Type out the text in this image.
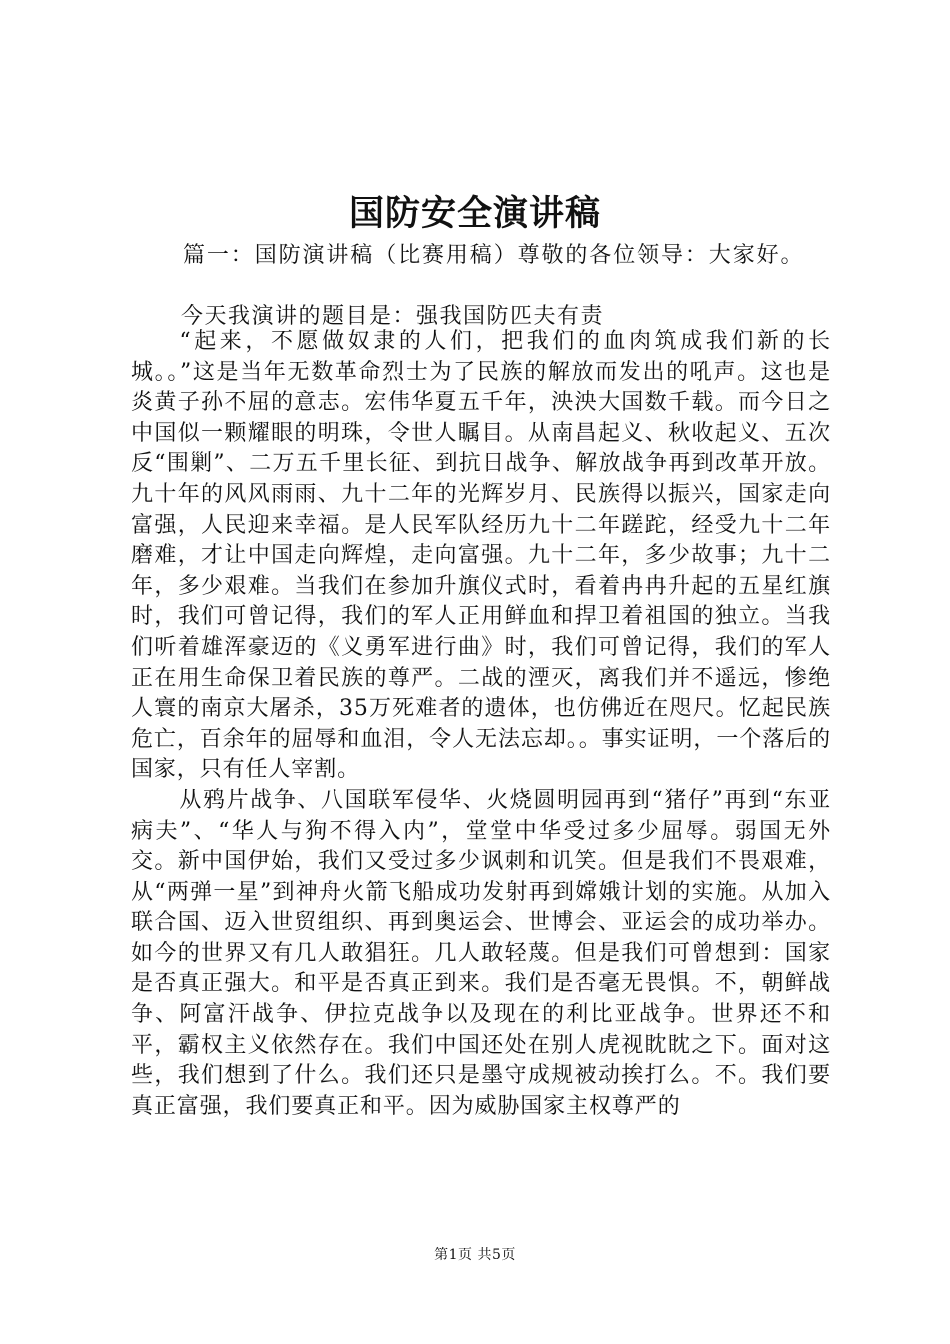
国防安全演讲稿
篇一：国防演讲稿（比赛用稿）尊敬的各位领导：大家好。
今天我演讲的题目是：强我国防匹夫有责

“起来，不愿做奴隶的人们，把我们的血肉筑成我们新的长城。。”这是当年无数革命烈士为了民族的解放而发出的吼声。这也是炎黄子孙不屈的意志。宏伟华夏五千年，泱泱大国数千载。而今日之中国似一颗耀眼的明珠，令世人瞩目。从南昌起义、秋收起义、五次反“围剿”、二万五千里长征、到抗日战争、解放战争再到改革开放。九十年的风风雨雨、九十二年的光辉岁月、民族得以振兴，国家走向富强，人民迎来幸福。是人民军队经历九十二年蹉跎，经受九十二年磨难，才让中国走向辉煌，走向富强。九十二年，多少故事；九十二年，多少艰难。当我们在参加升旗仪式时，看着冉冉升起的五星红旗时，我们可曾记得，我们的军人正用鲜血和捍卫着祖国的独立。当我们听着雄浑豪迈的《义勇军进行曲》时，我们可曾记得，我们的军人正在用生命保卫着民族的尊严。二战的湮灭，离我们并不遥远，惨绝人寰的南京大屠杀，35万死难者的遗体，也仿佛近在咫尺。忆起民族危亡，百余年的屈辱和血泪，令人无法忘却。。事实证明，一个落后的国家，只有任人宰割。

从鸦片战争、八国联军侵华、火烧圆明园再到“猪仔”再到“东亚病夫”、“华人与狗不得入内”，堂堂中华受过多少屈辱。弱国无外交。新中国伊始，我们又受过多少讽刺和讥笑。但是我们不畏艰难，从“两弹一星”到神舟火箭飞船成功发射再到嫦娥计划的实施。从加入联合国、迈入世贸组织、再到奥运会、世博会、亚运会的成功举办。如今的世界又有几人敢猖狂。几人敢轻蔑。但是我们可曾想到：国家是否真正强大。和平是否真正到来。我们是否毫无畏惧。不，朝鲜战争、阿富汗战争、伊拉克战争以及现在的利比亚战争。世界还不和平，霸权主义依然存在。我们中国还处在别人虎视眈眈之下。面对这些，我们想到了什么。我们还只是墨守成规被动挨打么。不。我们要真正富强，我们要真正和平。因为威胁国家主权尊严的

第1页 共5页
